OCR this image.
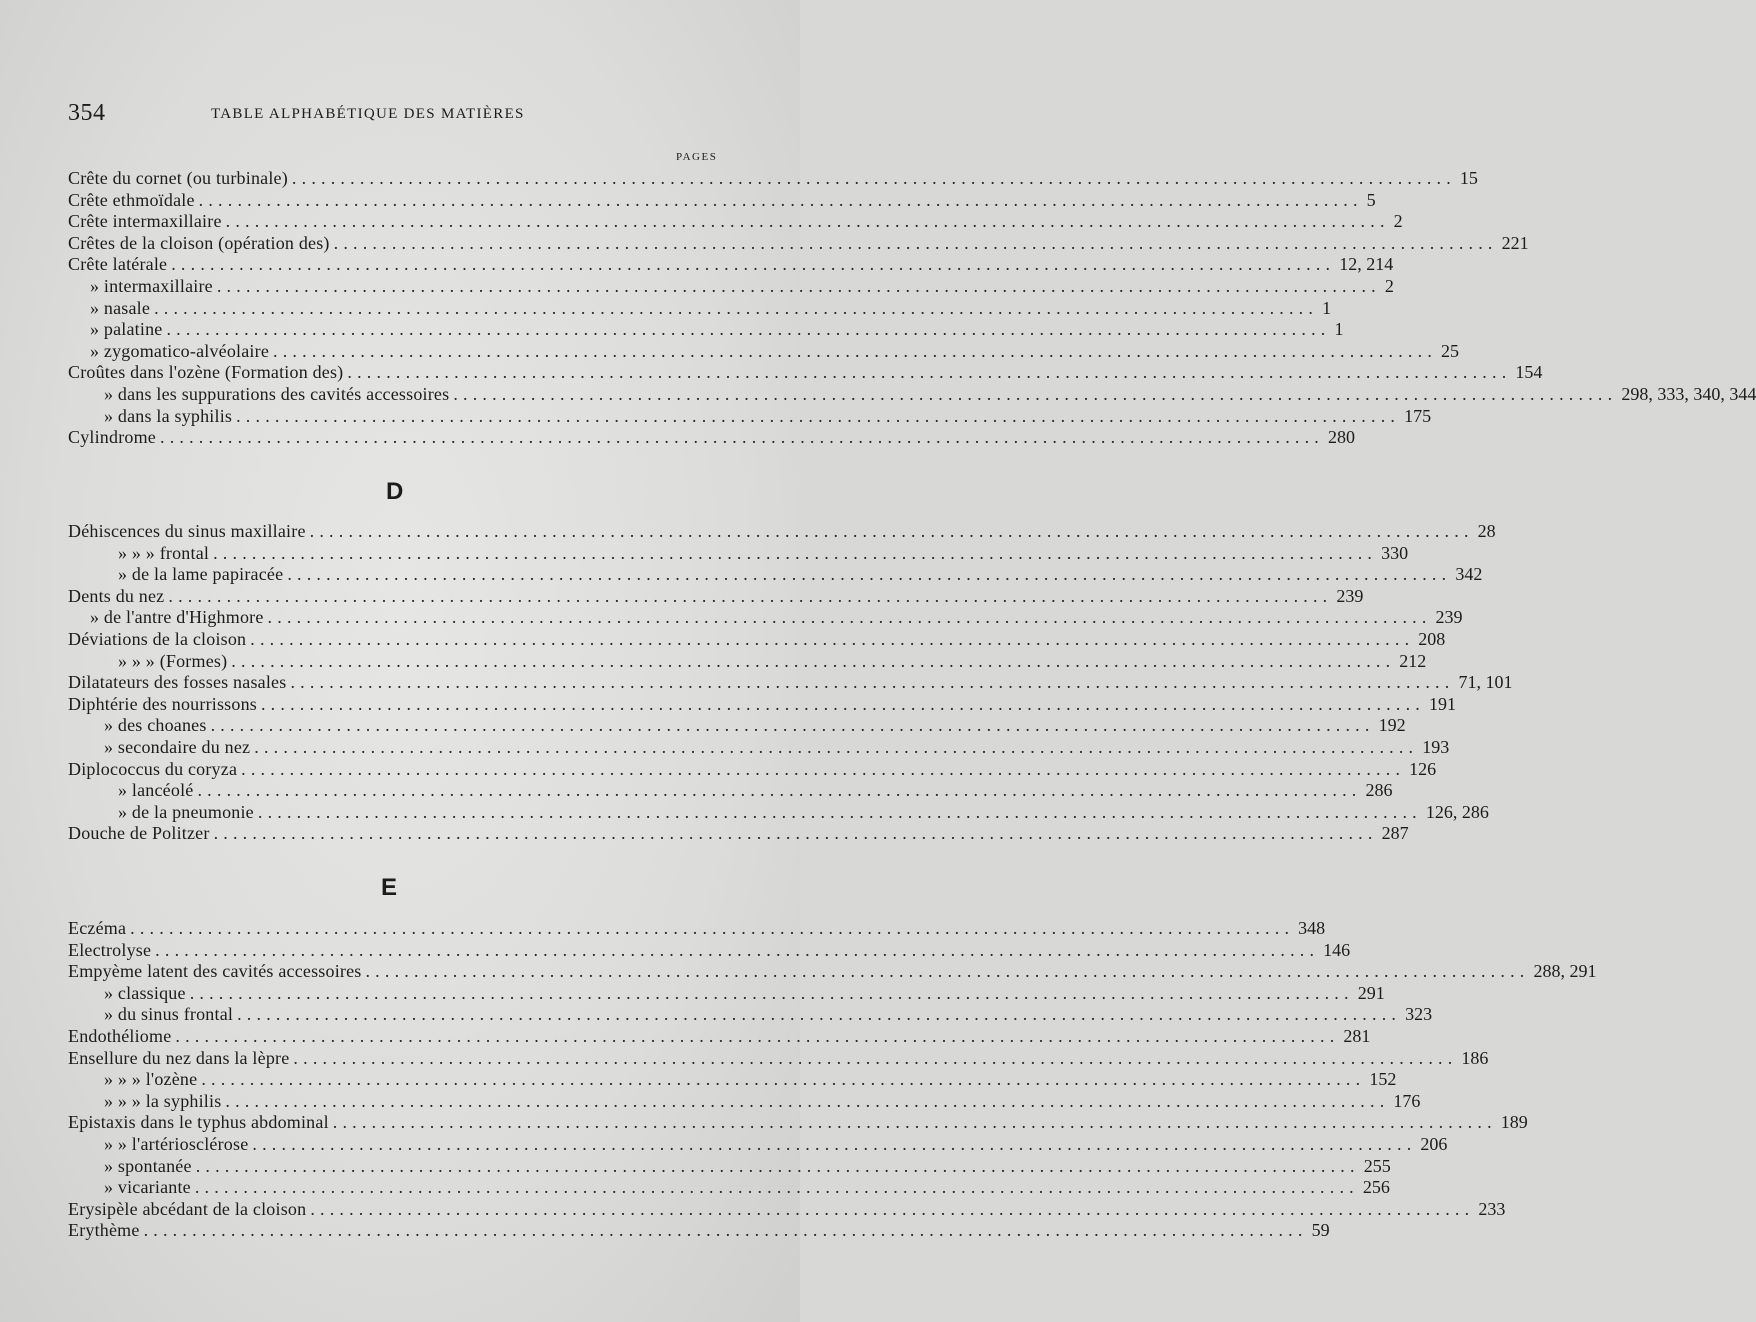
354	TABLE ALPHABÉTIQUE DES MATIÈRES
PAGES
Crête du cornet (ou turbinale) ........................................................................................................................ 15
Crête ethmoïdale ........................................................................................................................ 5
Crête intermaxillaire ........................................................................................................................ 2
Crêtes de la cloison (opération des) ........................................................................................................................ 221
Crête latérale ........................................................................................................................ 12, 214
» intermaxillaire ........................................................................................................................ 2
» nasale ........................................................................................................................ 1
» palatine ........................................................................................................................ 1
» zygomatico-alvéolaire ........................................................................................................................ 25
Croûtes dans l'ozène (Formation des) ........................................................................................................................ 154
» dans les suppurations des cavités accessoires ........................................................................................................................ 298, 333, 340, 344
» dans la syphilis ........................................................................................................................ 175
Cylindrome ........................................................................................................................ 280
D
Déhiscences du sinus maxillaire ........................................................................................................................ 28
» » » frontal ........................................................................................................................ 330
» de la lame papiracée ........................................................................................................................ 342
Dents du nez ........................................................................................................................ 239
» de l'antre d'Highmore ........................................................................................................................ 239
Déviations de la cloison ........................................................................................................................ 208
» » » (Formes) ........................................................................................................................ 212
Dilatateurs des fosses nasales ........................................................................................................................ 71, 101
Diphtérie des nourrissons ........................................................................................................................ 191
» des choanes ........................................................................................................................ 192
» secondaire du nez ........................................................................................................................ 193
Diplococcus du coryza ........................................................................................................................ 126
» lancéolé ........................................................................................................................ 286
» de la pneumonie ........................................................................................................................ 126, 286
Douche de Politzer ........................................................................................................................ 287
E
Eczéma ........................................................................................................................ 348
Electrolyse ........................................................................................................................ 146
Empyème latent des cavités accessoires ........................................................................................................................ 288, 291
» classique ........................................................................................................................ 291
» du sinus frontal ........................................................................................................................ 323
Endothéliome ........................................................................................................................ 281
Ensellure du nez dans la lèpre ........................................................................................................................ 186
» » » l'ozène ........................................................................................................................ 152
» » » la syphilis ........................................................................................................................ 176
Epistaxis dans le typhus abdominal ........................................................................................................................ 189
» » l'artériosclérose ........................................................................................................................ 206
» spontanée ........................................................................................................................ 255
» vicariante ........................................................................................................................ 256
Erysipèle abcédant de la cloison ........................................................................................................................ 233
Erythème ........................................................................................................................ 59
